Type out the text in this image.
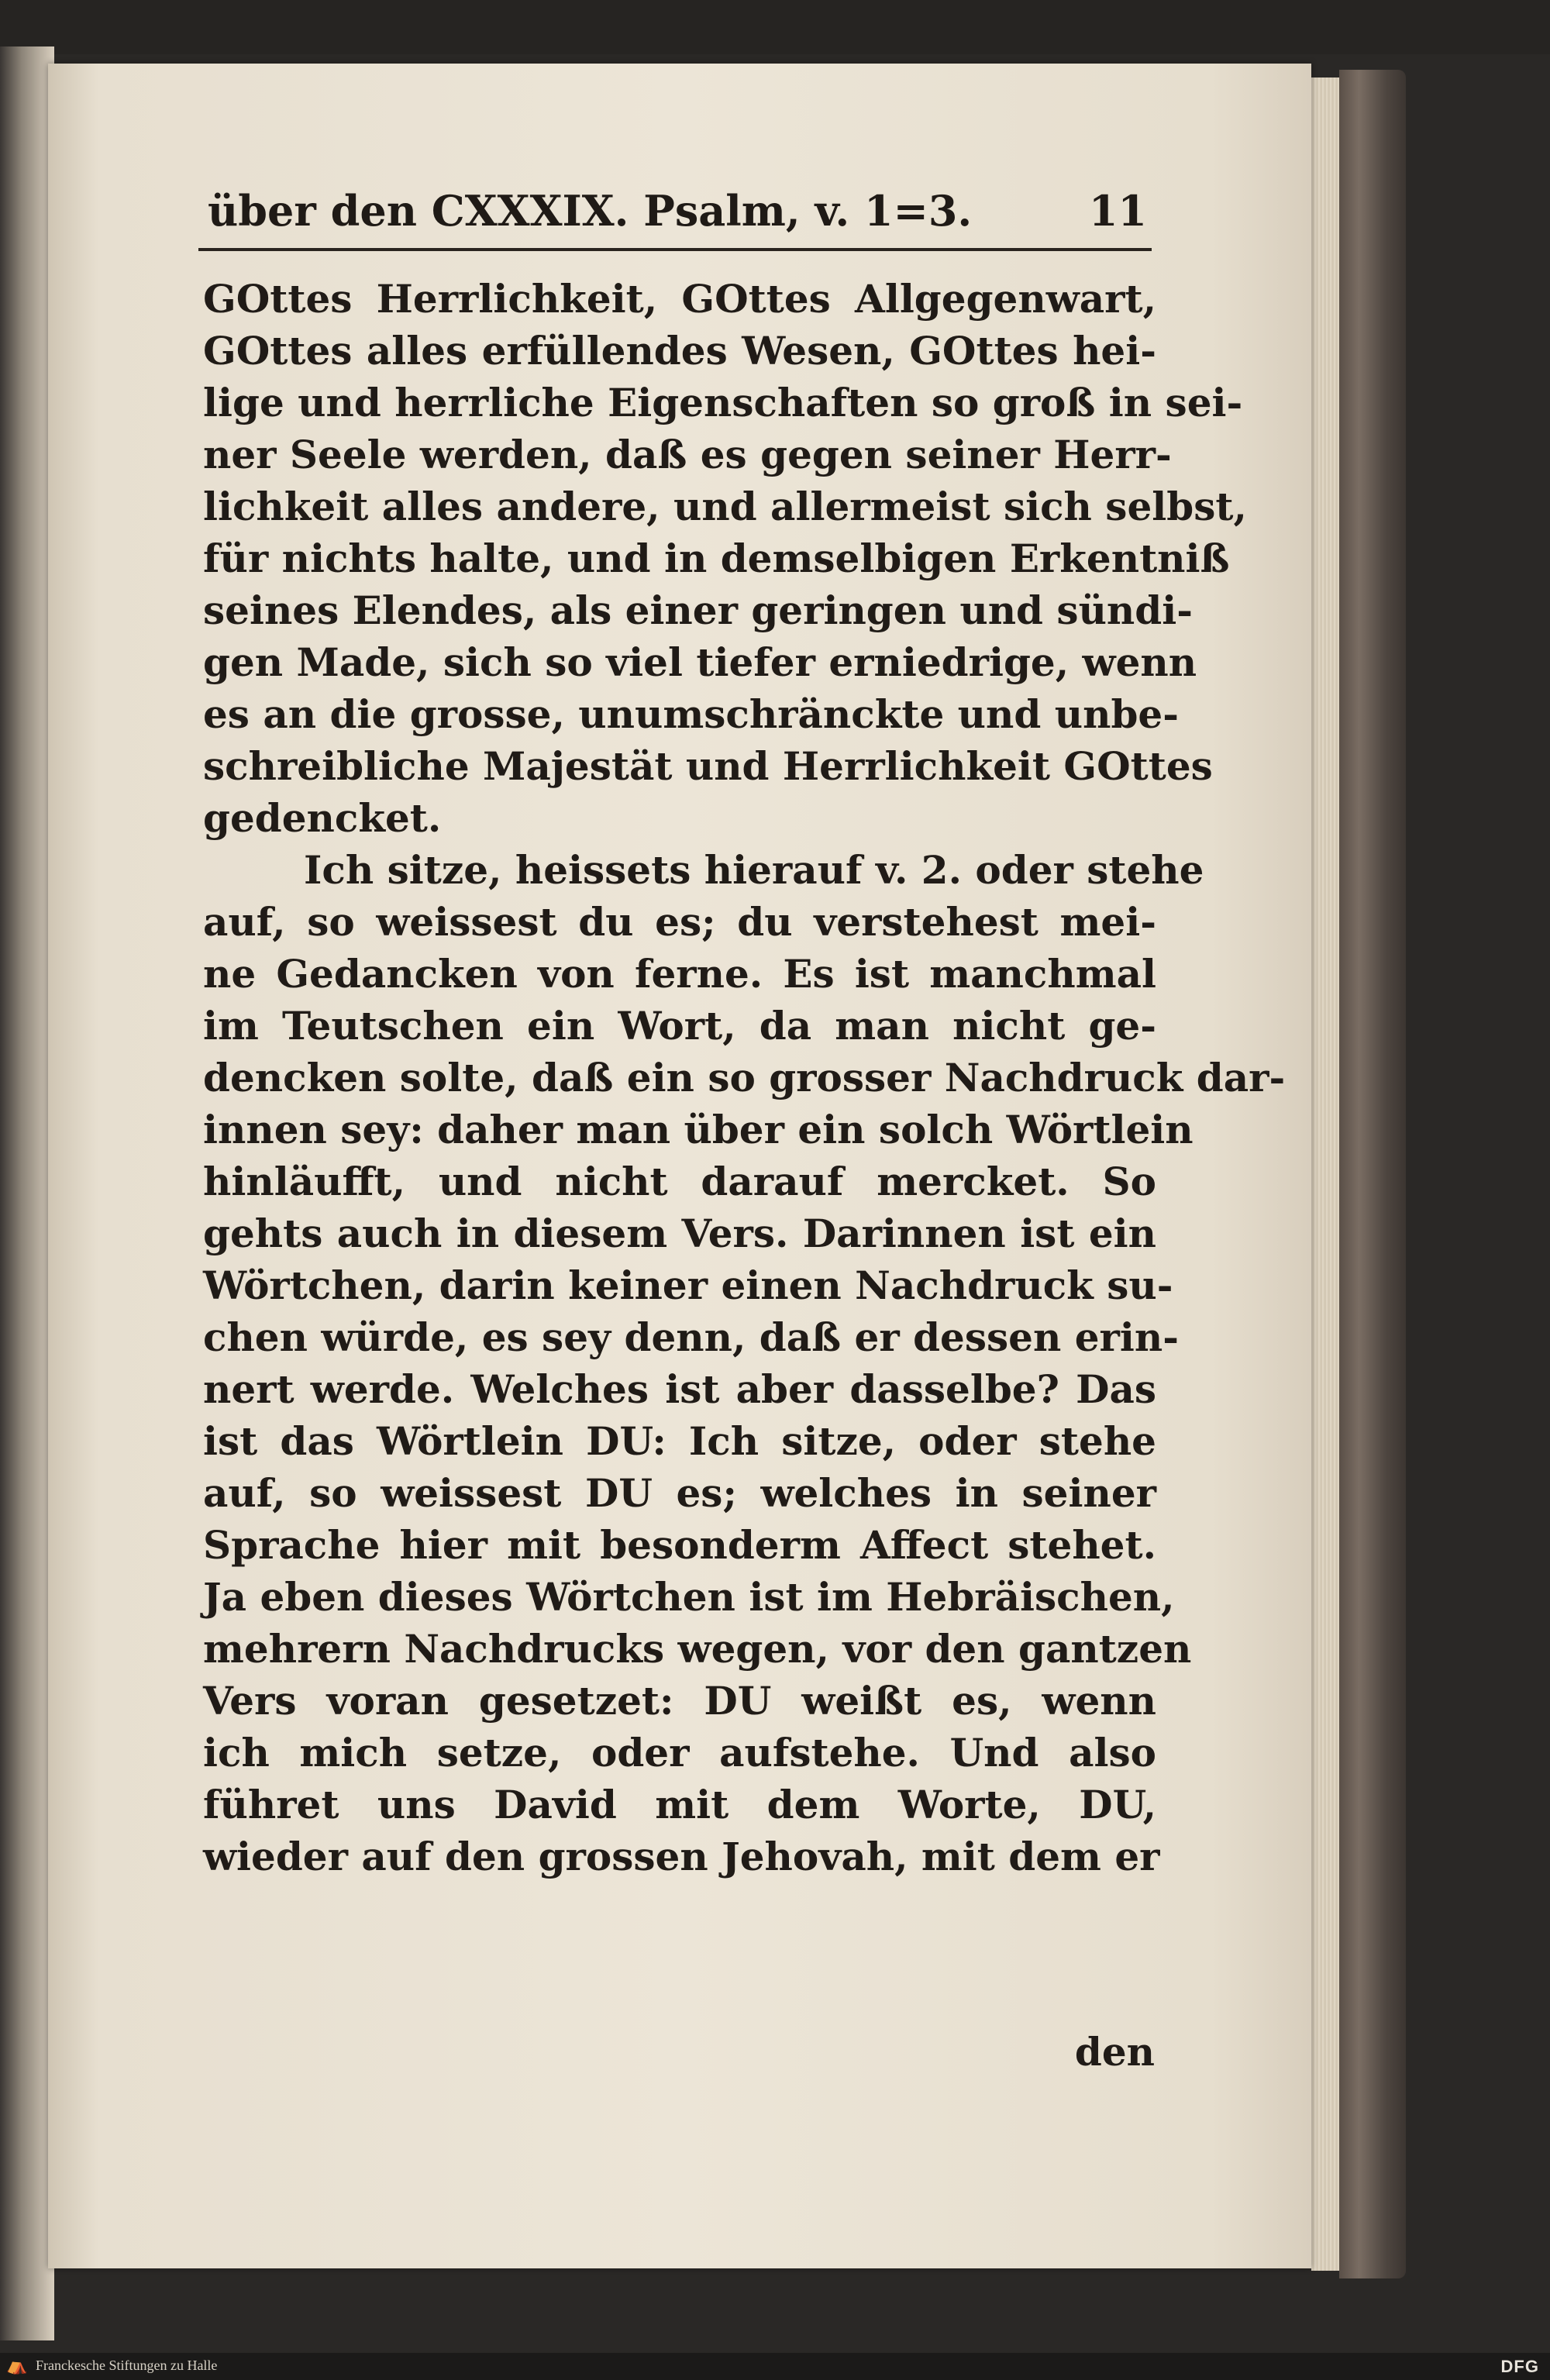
über den CXXXIX. Psalm, v. 1=3.	11
GOttes Herrlichkeit, GOttes Allgegenwart,
GOttes alles erfüllendes Wesen, GOttes hei-
lige und herrliche Eigenschaften so groß in sei-
ner Seele werden, daß es gegen seiner Herr-
lichkeit alles andere, und allermeist sich selbst,
für nichts halte, und in demselbigen Erkentniß
seines Elendes, als einer geringen und sündi-
gen Made, sich so viel tiefer erniedrige, wenn
es an die grosse, unumschränckte und unbe-
schreibliche Majestät und Herrlichkeit GOttes
gedencket.
Ich sitze, heissets hierauf v. 2. oder stehe
auf, so weissest du es; du verstehest mei-
ne Gedancken von ferne. Es ist manchmal
im Teutschen ein Wort, da man nicht ge-
dencken solte, daß ein so grosser Nachdruck dar-
innen sey: daher man über ein solch Wörtlein
hinläufft, und nicht darauf mercket. So
gehts auch in diesem Vers. Darinnen ist ein
Wörtchen, darin keiner einen Nachdruck su-
chen würde, es sey denn, daß er dessen erin-
nert werde. Welches ist aber dasselbe? Das
ist das Wörtlein DU: Ich sitze, oder stehe
auf, so weissest DU es; welches in seiner
Sprache hier mit besonderm Affect stehet.
Ja eben dieses Wörtchen ist im Hebräischen,
mehrern Nachdrucks wegen, vor den gantzen
Vers voran gesetzet: DU weißt es, wenn
ich mich setze, oder aufstehe. Und also
führet uns David mit dem Worte, DU,
wieder auf den grossen Jehovah, mit dem er
den
⛺ Franckesche Stiftungen zu Halle	DFG
